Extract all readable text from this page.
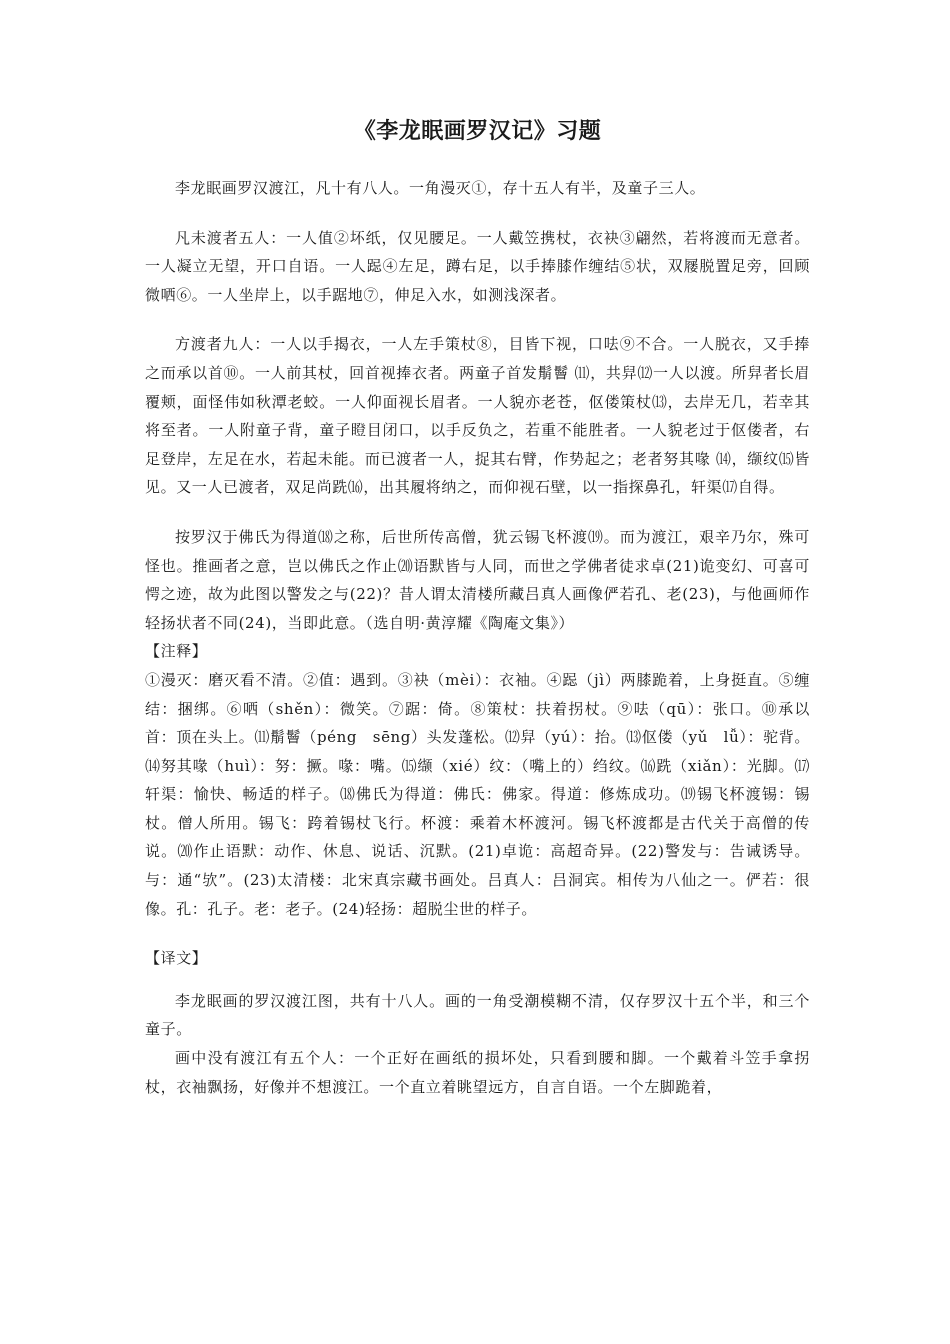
《李龙眠画罗汉记》习题

李龙眠画罗汉渡江，凡十有八人。一角漫灭①，存十五人有半，及童子三人。

凡未渡者五人：一人值②坏纸，仅见腰足。一人戴笠携杖，衣袂③翩然，若将渡而无意者。一人凝立无望，开口自语。一人跽④左足，蹲右足，以手捧膝作缠结⑤状，双屦脱置足旁，回顾微哂⑥。一人坐岸上，以手踞地⑦，伸足入水，如测浅深者。

方渡者九人：一人以手揭衣，一人左手策杖⑧，目皆下视，口呿⑨不合。一人脱衣，又手捧之而承以首⑩。一人前其杖，回首视捧衣者。两童子首发鬅鬙 ⑾，共舁⑿一人以渡。所舁者长眉覆颊，面怪伟如秋潭老蛟。一人仰面视长眉者。一人貌亦老苍，伛偻策杖⒀，去岸无几，若幸其将至者。一人附童子背，童子瞪目闭口，以手反负之，若重不能胜者。一人貌老过于伛偻者，右足登岸，左足在水，若起未能。而已渡者一人，捉其右臂，作势起之；老者努其喙 ⒁，缬纹⒂皆见。又一人已渡者，双足尚跣⒃，出其履将纳之，而仰视石壁，以一指探鼻孔，轩渠⒄自得。

按罗汉于佛氏为得道⒅之称，后世所传高僧，犹云锡飞杯渡⒆。而为渡江，艰辛乃尔，殊可怪也。推画者之意，岂以佛氏之作止⒇语默皆与人同，而世之学佛者徒求卓(21)诡变幻、可喜可愕之迹，故为此图以警发之与(22)？昔人谓太清楼所藏吕真人画像俨若孔、老(23)，与他画师作轻扬状者不同(24)，当即此意。（选自明·黄淳耀《陶庵文集》）

【注释】
①漫灭：磨灭看不清。②值：遇到。③袂（mèi）：衣袖。④跽（jì）两膝跪着，上身挺直。⑤缠结：捆绑。⑥哂（shěn）：微笑。⑦踞：倚。⑧策杖：扶着拐杖。⑨呿（qū）：张口。⑩承以首：顶在头上。⑾鬅鬙（péng　sēng）头发蓬松。⑿舁（yú）：抬。⒀伛偻（yǔ　lǚ）：驼背。⒁努其喙（huì）：努：撅。喙：嘴。⒂缬（xié）纹：（嘴上的）绉纹。⒃跣（xiǎn）：光脚。⒄轩渠：愉快、畅适的样子。⒅佛氏为得道：佛氏：佛家。得道：修炼成功。⒆锡飞杯渡锡：锡杖。僧人所用。锡飞：跨着锡杖飞行。杯渡：乘着木杯渡河。锡飞杯渡都是古代关于高僧的传说。⒇作止语默：动作、休息、说话、沉默。(21)卓诡：高超奇异。(22)警发与：告诫诱导。与：通“欤”。(23)太清楼：北宋真宗藏书画处。吕真人：吕洞宾。相传为八仙之一。俨若：很像。孔：孔子。老：老子。(24)轻扬：超脱尘世的样子。
【译文】

李龙眠画的罗汉渡江图，共有十八人。画的一角受潮模糊不清，仅存罗汉十五个半，和三个童子。

画中没有渡江有五个人：一个正好在画纸的损坏处，只看到腰和脚。一个戴着斗笠手拿拐杖，衣袖飘扬，好像并不想渡江。一个直立着眺望远方，自言自语。一个左脚跪着，
